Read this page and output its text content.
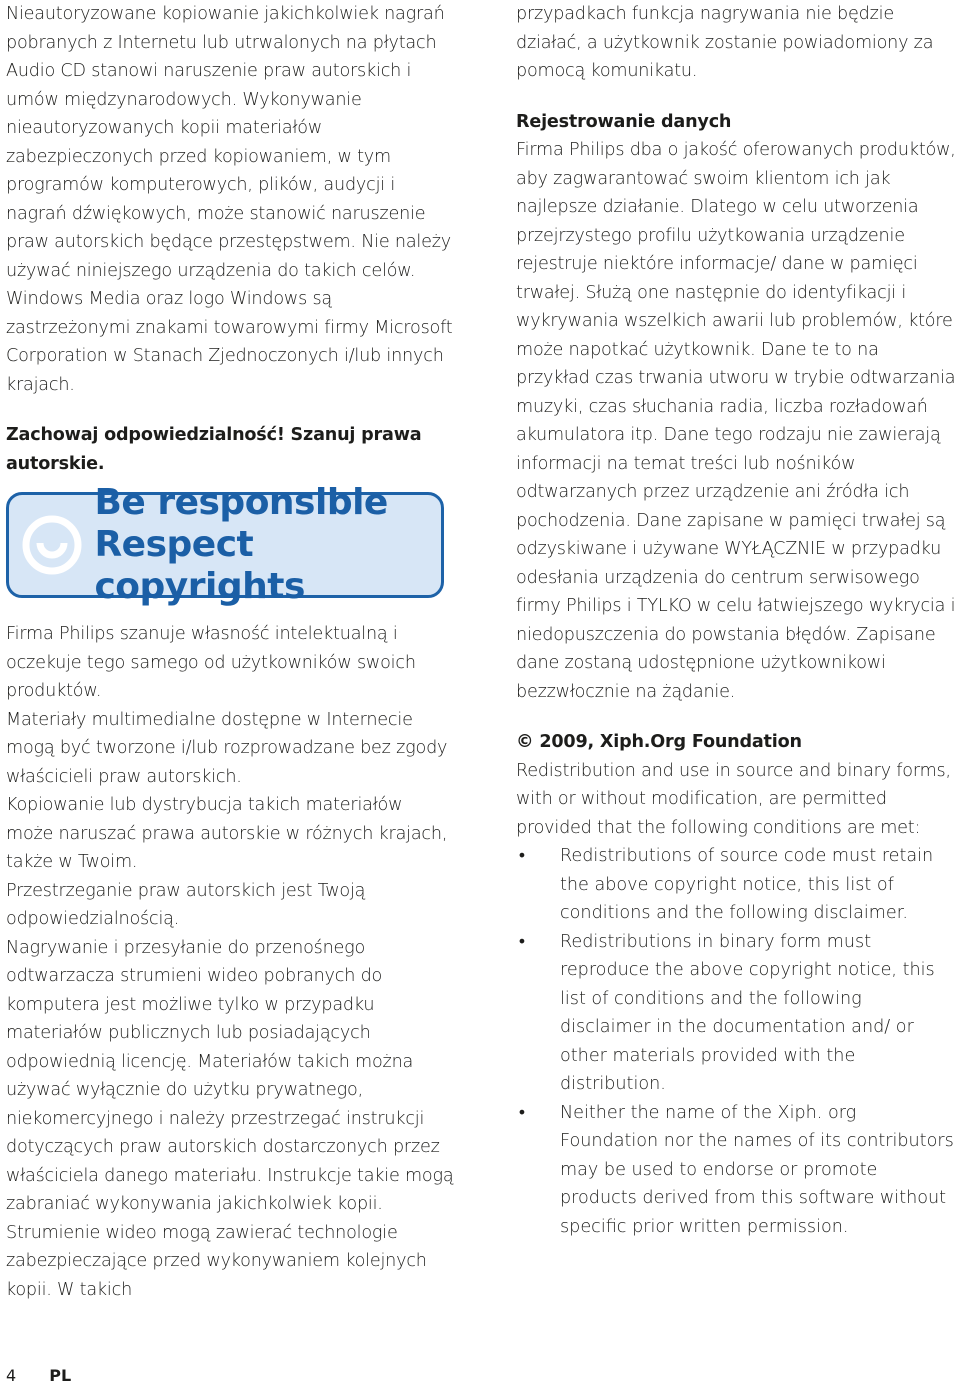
Nieautoryzowane kopiowanie jakichkolwiek nagrań pobranych z Internetu lub utrwalonych na płytach Audio CD stanowi naruszenie praw autorskich i umów międzynarodowych. Wykonywanie nieautoryzowanych kopii materiałów zabezpieczonych przed kopiowaniem, w tym programów komputerowych, plików, audycji i nagrań dźwiękowych, może stanowić naruszenie praw autorskich będące przestępstwem. Nie należy używać niniejszego urządzenia do takich celów. Windows Media oraz logo Windows są zastrzeżonymi znakami towarowymi firmy Microsoft Corporation w Stanach Zjednoczonych i/lub innych krajach.

Zachowaj odpowiedzialność! Szanuj prawa autorskie.

Be responsible
Respect copyrights

Firma Philips szanuje własność intelektualną i oczekuje tego samego od użytkowników swoich produktów.

Materiały multimedialne dostępne w Internecie mogą być tworzone i/lub rozprowadzane bez zgody właścicieli praw autorskich.

Kopiowanie lub dystrybucja takich materiałów może naruszać prawa autorskie w różnych krajach, także w Twoim.

Przestrzeganie praw autorskich jest Twoją odpowiedzialnością.

Nagrywanie i przesyłanie do przenośnego odtwarzacza strumieni wideo pobranych do komputera jest możliwe tylko w przypadku materiałów publicznych lub posiadających odpowiednią licencję. Materiałów takich można używać wyłącznie do użytku prywatnego, niekomercyjnego i należy przestrzegać instrukcji dotyczących praw autorskich dostarczonych przez właściciela danego materiału. Instrukcje takie mogą zabraniać wykonywania jakichkolwiek kopii. Strumienie wideo mogą zawierać technologie zabezpieczające przed wykonywaniem kolejnych kopii. W takich

przypadkach funkcja nagrywania nie będzie działać, a użytkownik zostanie powiadomiony za pomocą komunikatu.

Rejestrowanie danych

Firma Philips dba o jakość oferowanych produktów, aby zagwarantować swoim klientom ich jak najlepsze działanie. Dlatego w celu utworzenia przejrzystego profilu użytkowania urządzenie rejestruje niektóre informacje/ dane w pamięci trwałej. Służą one następnie do identyfikacji i wykrywania wszelkich awarii lub problemów, które może napotkać użytkownik. Dane te to na przykład czas trwania utworu w trybie odtwarzania muzyki, czas słuchania radia, liczba rozładowań akumulatora itp. Dane tego rodzaju nie zawierają informacji na temat treści lub nośników odtwarzanych przez urządzenie ani źródła ich pochodzenia. Dane zapisane w pamięci trwałej są odzyskiwane i używane WYŁĄCZNIE w przypadku odesłania urządzenia do centrum serwisowego firmy Philips i TYLKO w celu łatwiejszego wykrycia i niedopuszczenia do powstania błędów. Zapisane dane zostaną udostępnione użytkownikowi bezzwłocznie na żądanie.

© 2009, Xiph.Org Foundation

Redistribution and use in source and binary forms, with or without modification, are permitted provided that the following conditions are met:

• Redistributions of source code must retain the above copyright notice, this list of conditions and the following disclaimer.
• Redistributions in binary form must reproduce the above copyright notice, this list of conditions and the following disclaimer in the documentation and/ or other materials provided with the distribution.
• Neither the name of the Xiph. org Foundation nor the names of its contributors may be used to endorse or promote products derived from this software without specific prior written permission.
4 PL
